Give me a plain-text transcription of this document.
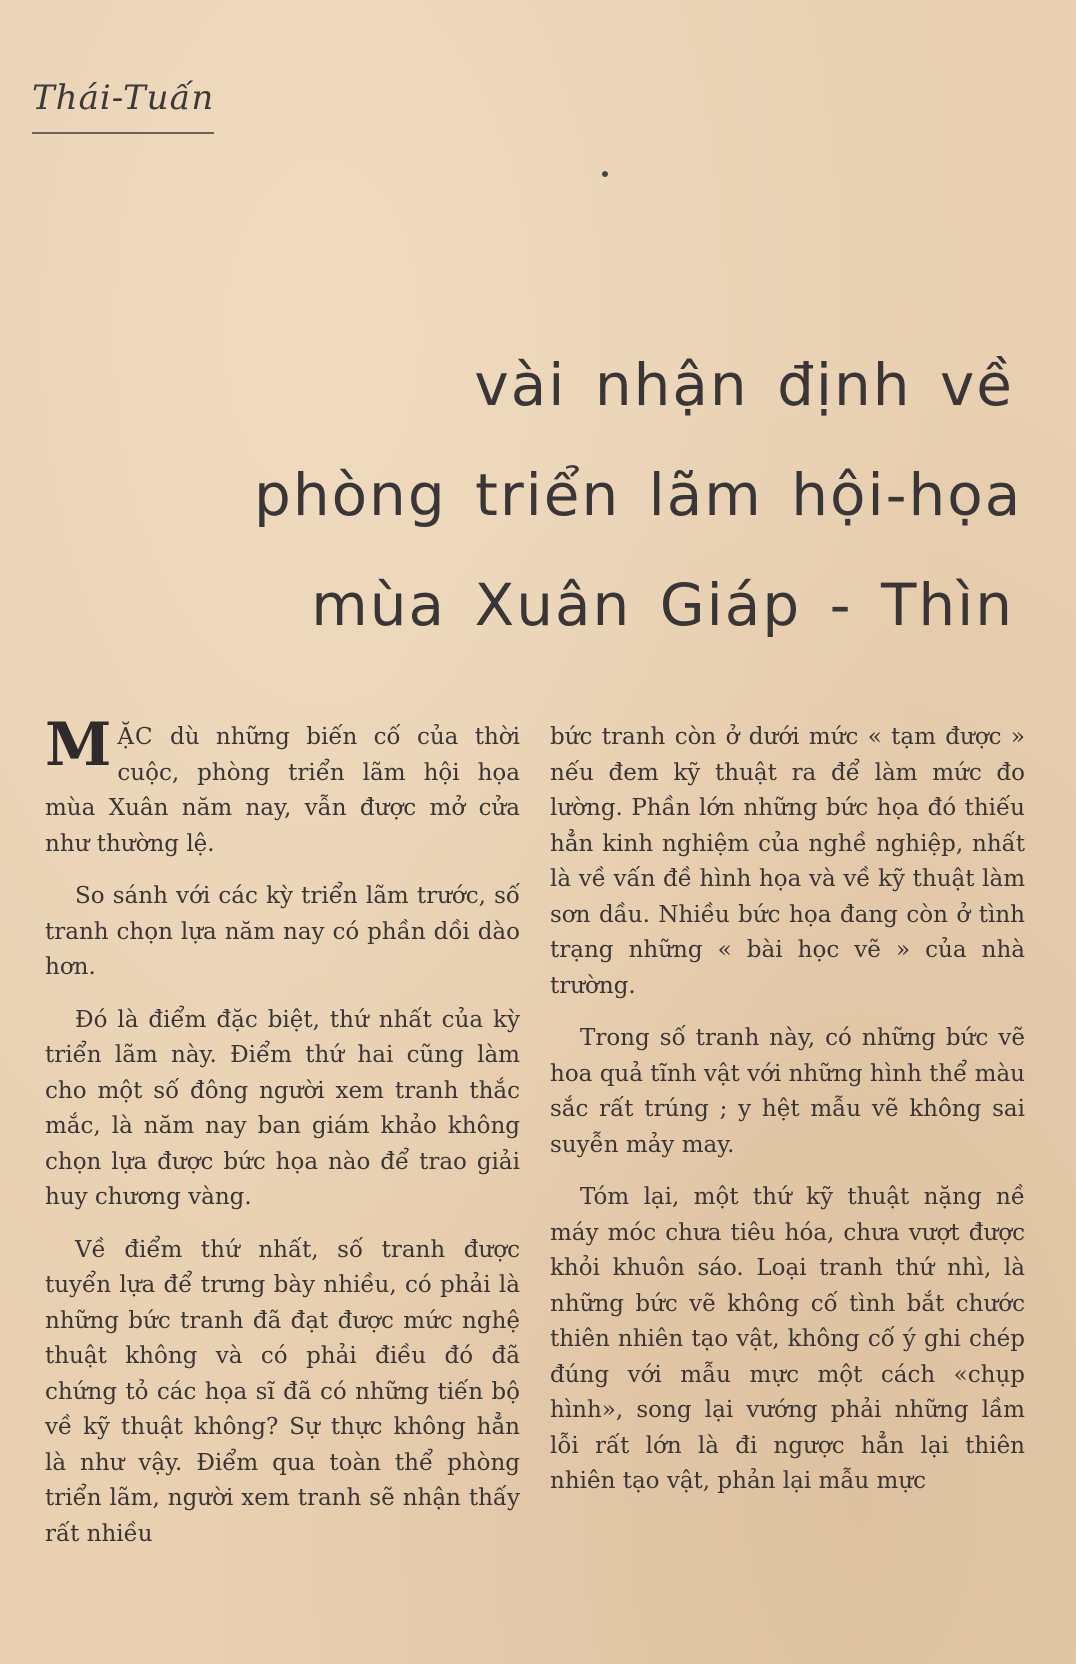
Thái-Tuấn
vài nhận định về
phòng triển lãm hội-họa
mùa Xuân Giáp - Thìn

MẶC dù những biến cố của thời cuộc, phòng triển lãm hội họa mùa Xuân năm nay, vẫn được mở cửa như thường lệ.

So sánh với các kỳ triển lãm trước, số tranh chọn lựa năm nay có phần dồi dào hơn.

Đó là điểm đặc biệt, thứ nhất của kỳ triển lãm này. Điểm thứ hai cũng làm cho một số đông người xem tranh thắc mắc, là năm nay ban giám khảo không chọn lựa được bức họa nào để trao giải huy chương vàng.

Về điểm thứ nhất, số tranh được tuyển lựa để trưng bày nhiều, có phải là những bức tranh đã đạt được mức nghệ thuật không và có phải điều đó đã chứng tỏ các họa sĩ đã có những tiến bộ về kỹ thuật không? Sự thực không hẳn là như vậy. Điểm qua toàn thể phòng triển lãm, người xem tranh sẽ nhận thấy rất nhiều

bức tranh còn ở dưới mức « tạm được » nếu đem kỹ thuật ra để làm mức đo lường. Phần lớn những bức họa đó thiếu hẳn kinh nghiệm của nghề nghiệp, nhất là về vấn đề hình họa và về kỹ thuật làm sơn dầu. Nhiều bức họa đang còn ở tình trạng những « bài học vẽ » của nhà trường.

Trong số tranh này, có những bức vẽ hoa quả tĩnh vật với những hình thể màu sắc rất trúng ; y hệt mẫu vẽ không sai suyễn mảy may.

Tóm lại, một thứ kỹ thuật nặng nề máy móc chưa tiêu hóa, chưa vượt được khỏi khuôn sáo. Loại tranh thứ nhì, là những bức vẽ không cố tình bắt chước thiên nhiên tạo vật, không cố ý ghi chép đúng với mẫu mực một cách «chụp hình», song lại vướng phải những lầm lỗi rất lớn là đi ngược hẳn lại thiên nhiên tạo vật, phản lại mẫu mực
